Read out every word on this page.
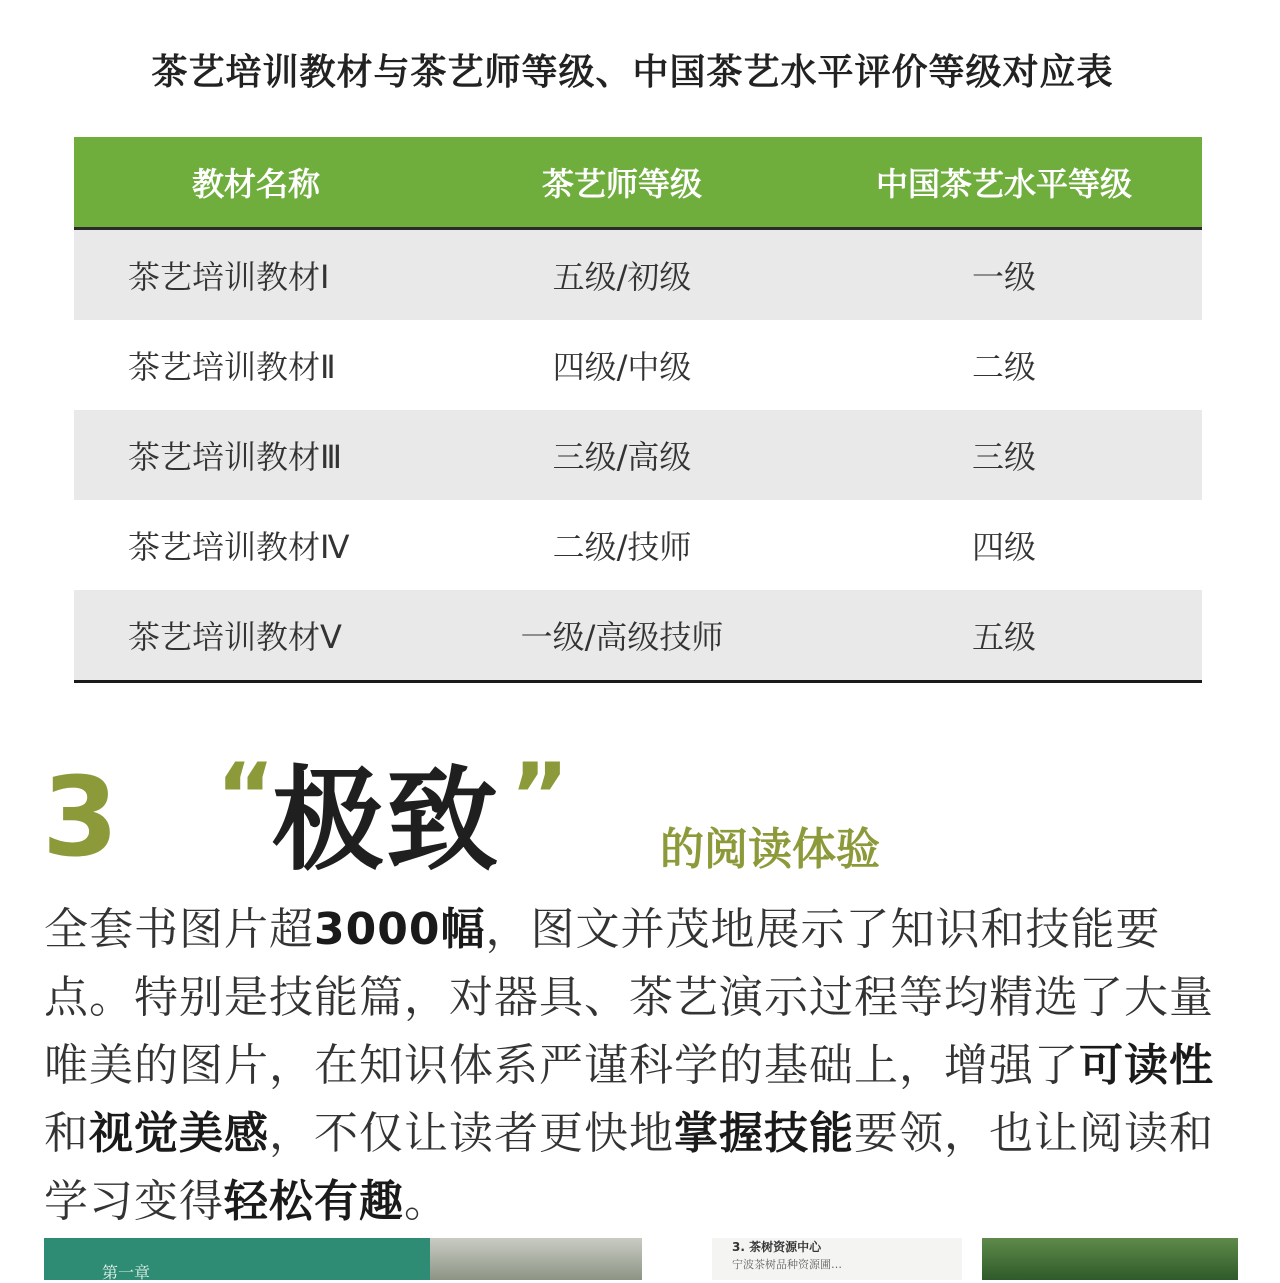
茶艺培训教材与茶艺师等级、中国茶艺水平评价等级对应表
教材名称	茶艺师等级	中国茶艺水平等级
茶艺培训教材Ⅰ	五级/初级	一级
茶艺培训教材Ⅱ	四级/中级	二级
茶艺培训教材Ⅲ	三级/高级	三级
茶艺培训教材Ⅳ	二级/技师	四级
茶艺培训教材Ⅴ	一级/高级技师	五级
3 “
极致 ”
的阅读体验
全套书图片超3000幅，图文并茂地展示了知识和技能要点。特别是技能篇，对器具、茶艺演示过程等均精选了大量唯美的图片，在知识体系严谨科学的基础上，增强了可读性和视觉美感，不仅让读者更快地掌握技能要领，也让阅读和学习变得轻松有趣。
第一章
3. 茶树资源中心
宁波茶树品种资源圃…
